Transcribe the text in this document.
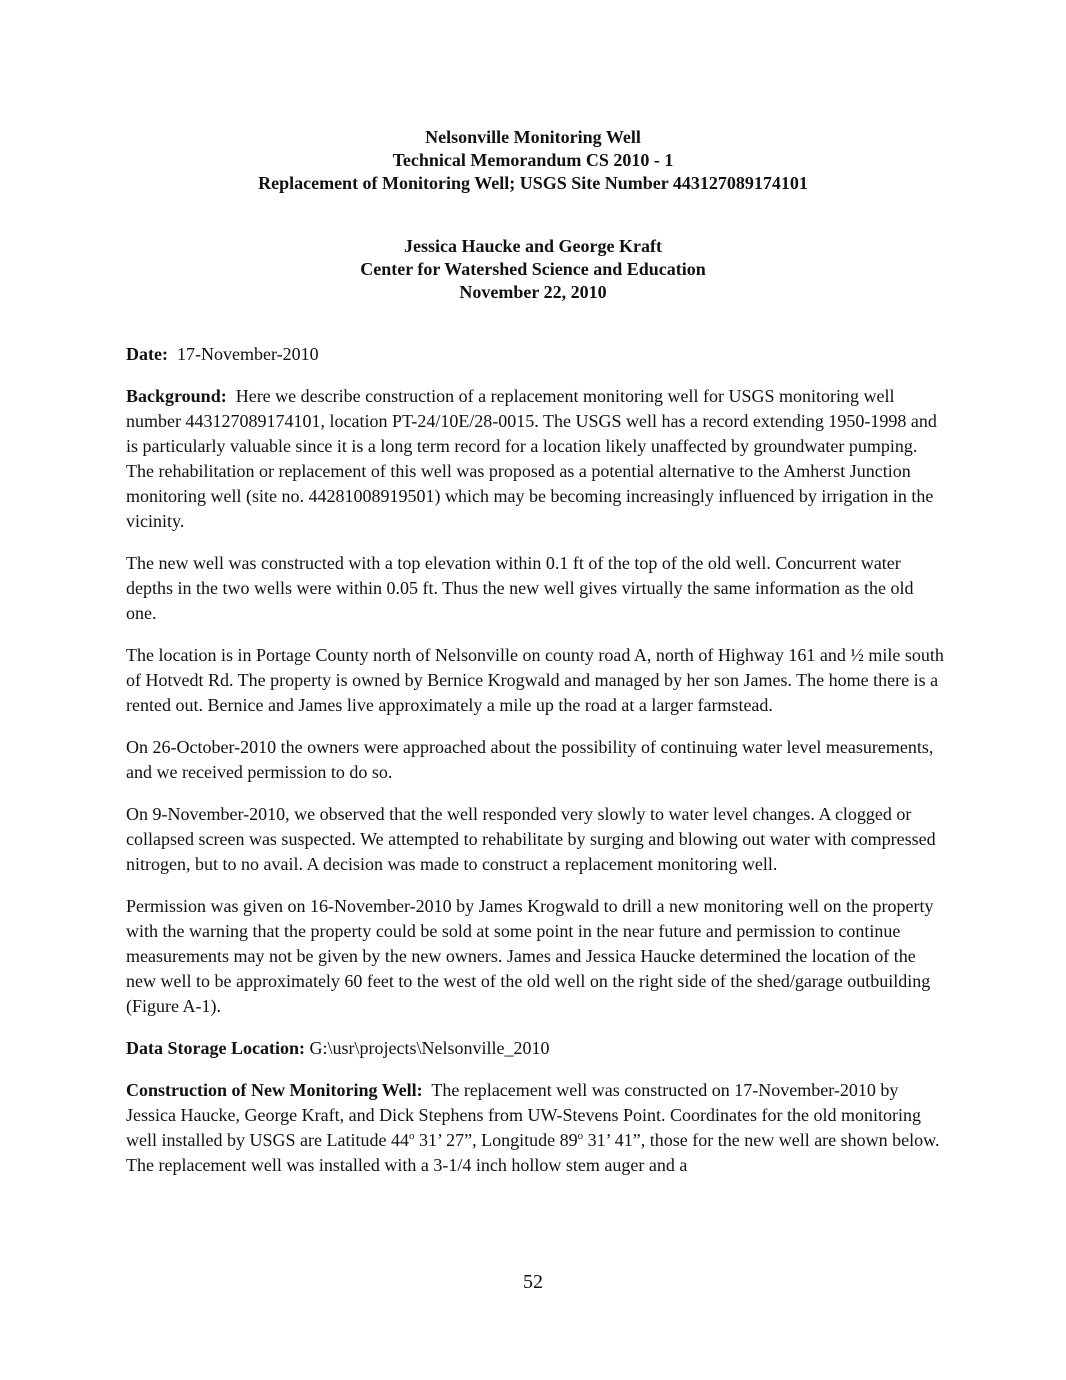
Nelsonville Monitoring Well
Technical Memorandum CS 2010 - 1
Replacement of Monitoring Well; USGS Site Number 443127089174101
Jessica Haucke and George Kraft
Center for Watershed Science and Education
November 22, 2010

Date: 17-November-2010

Background: Here we describe construction of a replacement monitoring well for USGS monitoring well number 443127089174101, location PT-24/10E/28-0015. The USGS well has a record extending 1950-1998 and is particularly valuable since it is a long term record for a location likely unaffected by groundwater pumping. The rehabilitation or replacement of this well was proposed as a potential alternative to the Amherst Junction monitoring well (site no. 44281008919501) which may be becoming increasingly influenced by irrigation in the vicinity.

The new well was constructed with a top elevation within 0.1 ft of the top of the old well. Concurrent water depths in the two wells were within 0.05 ft. Thus the new well gives virtually the same information as the old one.

The location is in Portage County north of Nelsonville on county road A, north of Highway 161 and ½ mile south of Hotvedt Rd. The property is owned by Bernice Krogwald and managed by her son James. The home there is a rented out. Bernice and James live approximately a mile up the road at a larger farmstead.

On 26-October-2010 the owners were approached about the possibility of continuing water level measurements, and we received permission to do so.

On 9-November-2010, we observed that the well responded very slowly to water level changes. A clogged or collapsed screen was suspected. We attempted to rehabilitate by surging and blowing out water with compressed nitrogen, but to no avail. A decision was made to construct a replacement monitoring well.

Permission was given on 16-November-2010 by James Krogwald to drill a new monitoring well on the property with the warning that the property could be sold at some point in the near future and permission to continue measurements may not be given by the new owners. James and Jessica Haucke determined the location of the new well to be approximately 60 feet to the west of the old well on the right side of the shed/garage outbuilding (Figure A-1).

Data Storage Location: G:\usr\projects\Nelsonville_2010

Construction of New Monitoring Well: The replacement well was constructed on 17-November-2010 by Jessica Haucke, George Kraft, and Dick Stephens from UW-Stevens Point. Coordinates for the old monitoring well installed by USGS are Latitude 44$^o$ 31’ 27”, Longitude 89$^o$ 31’ 41”, those for the new well are shown below. The replacement well was installed with a 3-1/4 inch hollow stem auger and a

52
